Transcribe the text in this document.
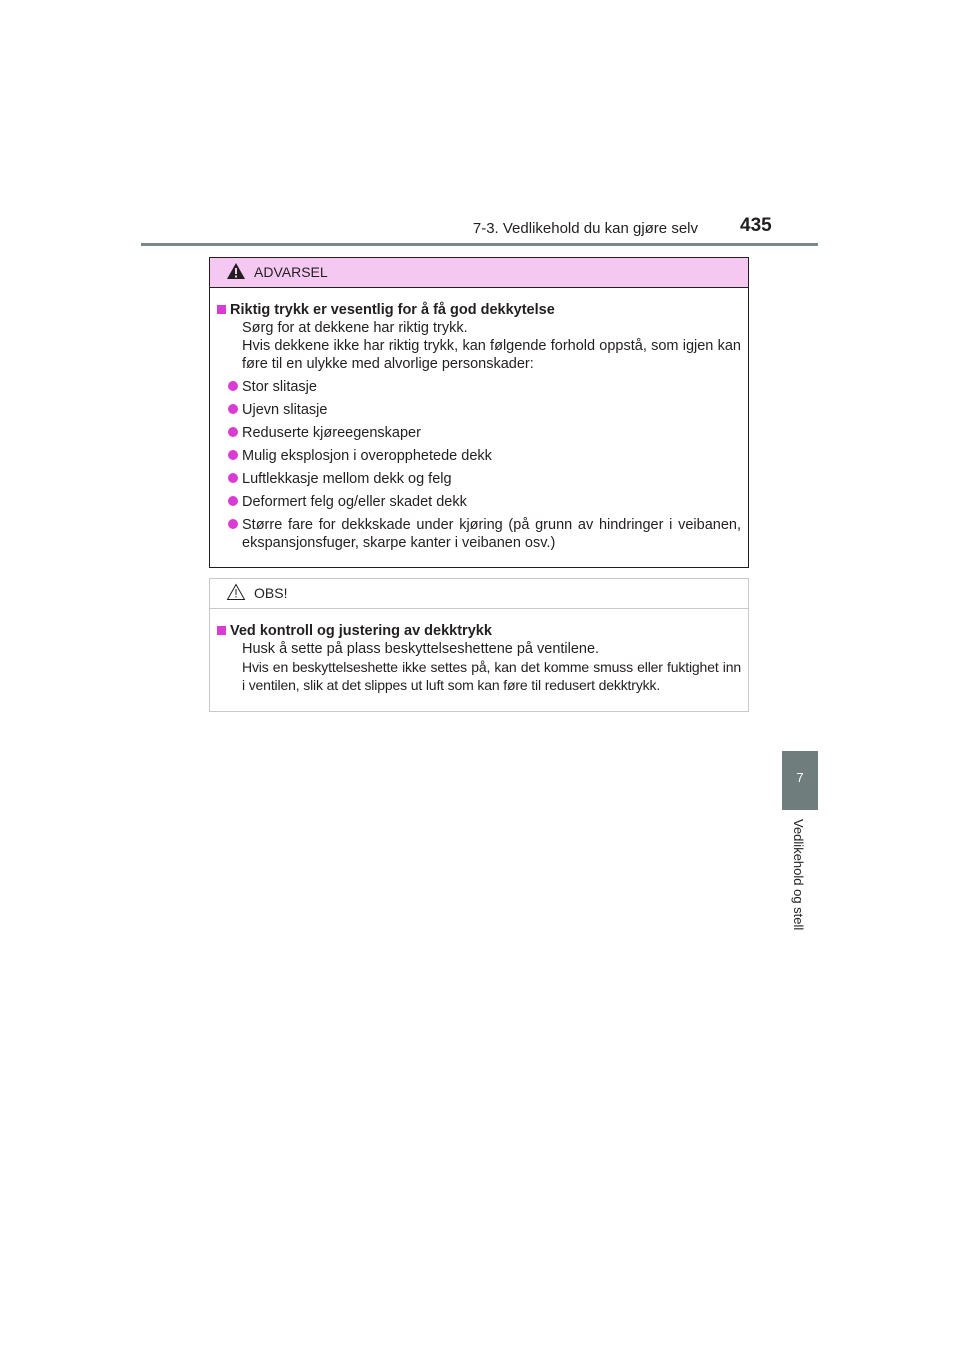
7-3. Vedlikehold du kan gjøre selv 435
7
Vedlikehold og stell
ADVARSEL
Riktig trykk er vesentlig for å få god dekkytelse

Sørg for at dekkene har riktig trykk.

Hvis dekkene ikke har riktig trykk, kan følgende forhold oppstå, som igjen kan føre til en ulykke med alvorlige personskader:

Stor slitasje
Ujevn slitasje
Reduserte kjøreegenskaper
Mulig eksplosjon i overopphetede dekk
Luftlekkasje mellom dekk og felg
Deformert felg og/eller skadet dekk
Større fare for dekkskade under kjøring (på grunn av hindringer i veibanen, ekspansjonsfuger, skarpe kanter i veibanen osv.)
OBS!
Ved kontroll og justering av dekktrykk

Husk å sette på plass beskyttelseshettene på ventilene.

Hvis en beskyttelseshette ikke settes på, kan det komme smuss eller fuktighet inn i ventilen, slik at det slippes ut luft som kan føre til redusert dekktrykk.
